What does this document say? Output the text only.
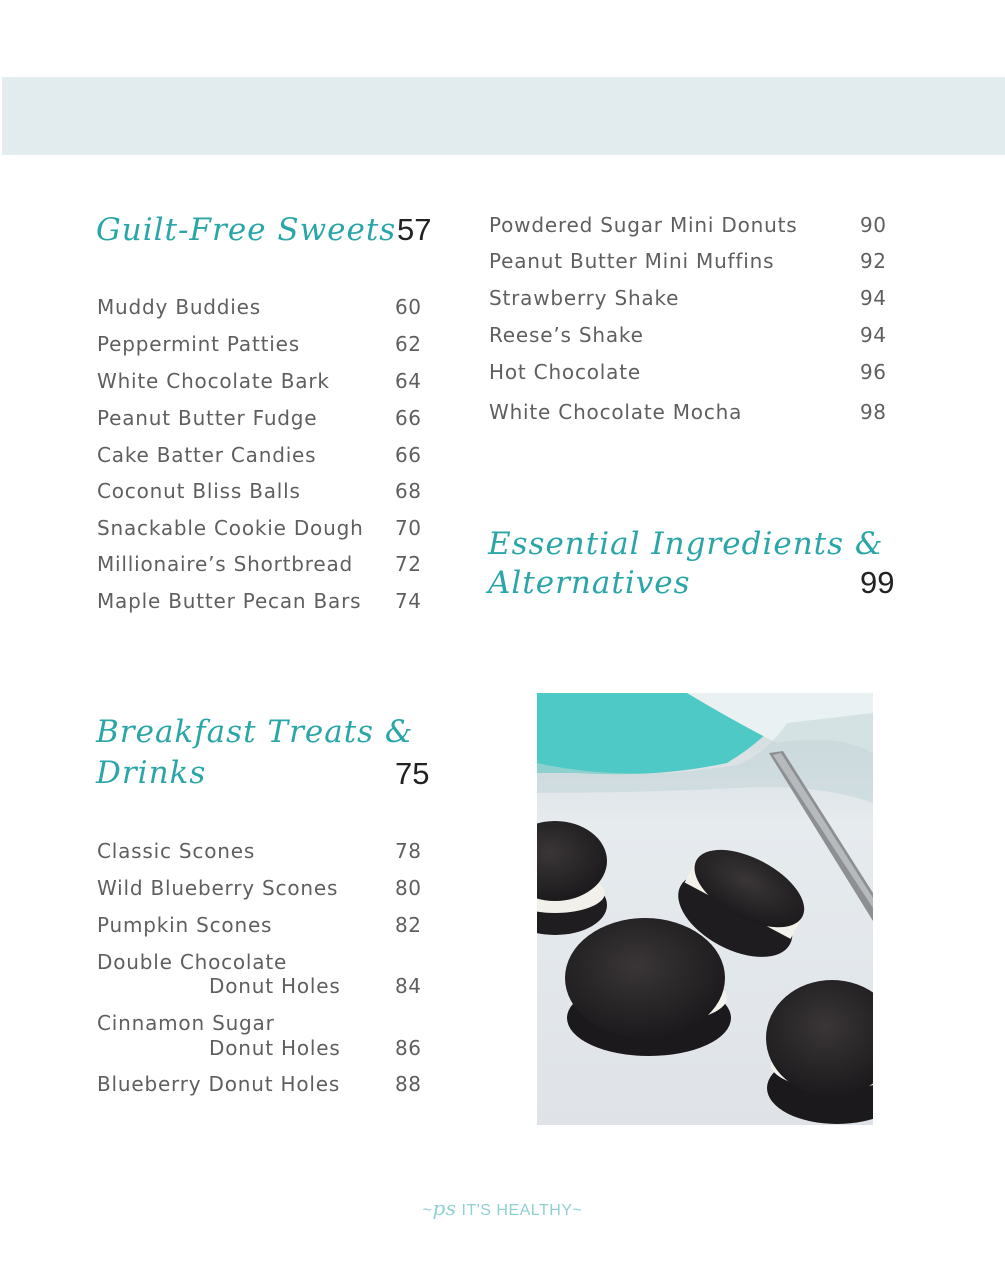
Guilt-Free Sweets 57
Muddy Buddies	60
Peppermint Patties	62
White Chocolate Bark	64
Peanut Butter Fudge	66
Cake Batter Candies	66
Coconut Bliss Balls	68
Snackable Cookie Dough 70
Millionaire’s Shortbread 72
Maple Butter Pecan Bars 74
Breakfast Treats &
Drinks	75
Classic Scones	78
Wild Blueberry Scones	80
Pumpkin Scones	82
Double Chocolate
Donut Holes	84
Cinnamon Sugar
Donut Holes	86
Blueberry Donut Holes	88
Powdered Sugar Mini Donuts	90
Peanut Butter Mini Muffins	92
Strawberry Shake	94
Reese’s Shake	94
Hot Chocolate	96
White Chocolate Mocha	98
Essential Ingredients &
Alternatives	99
~ps IT'S HEALTHY~
